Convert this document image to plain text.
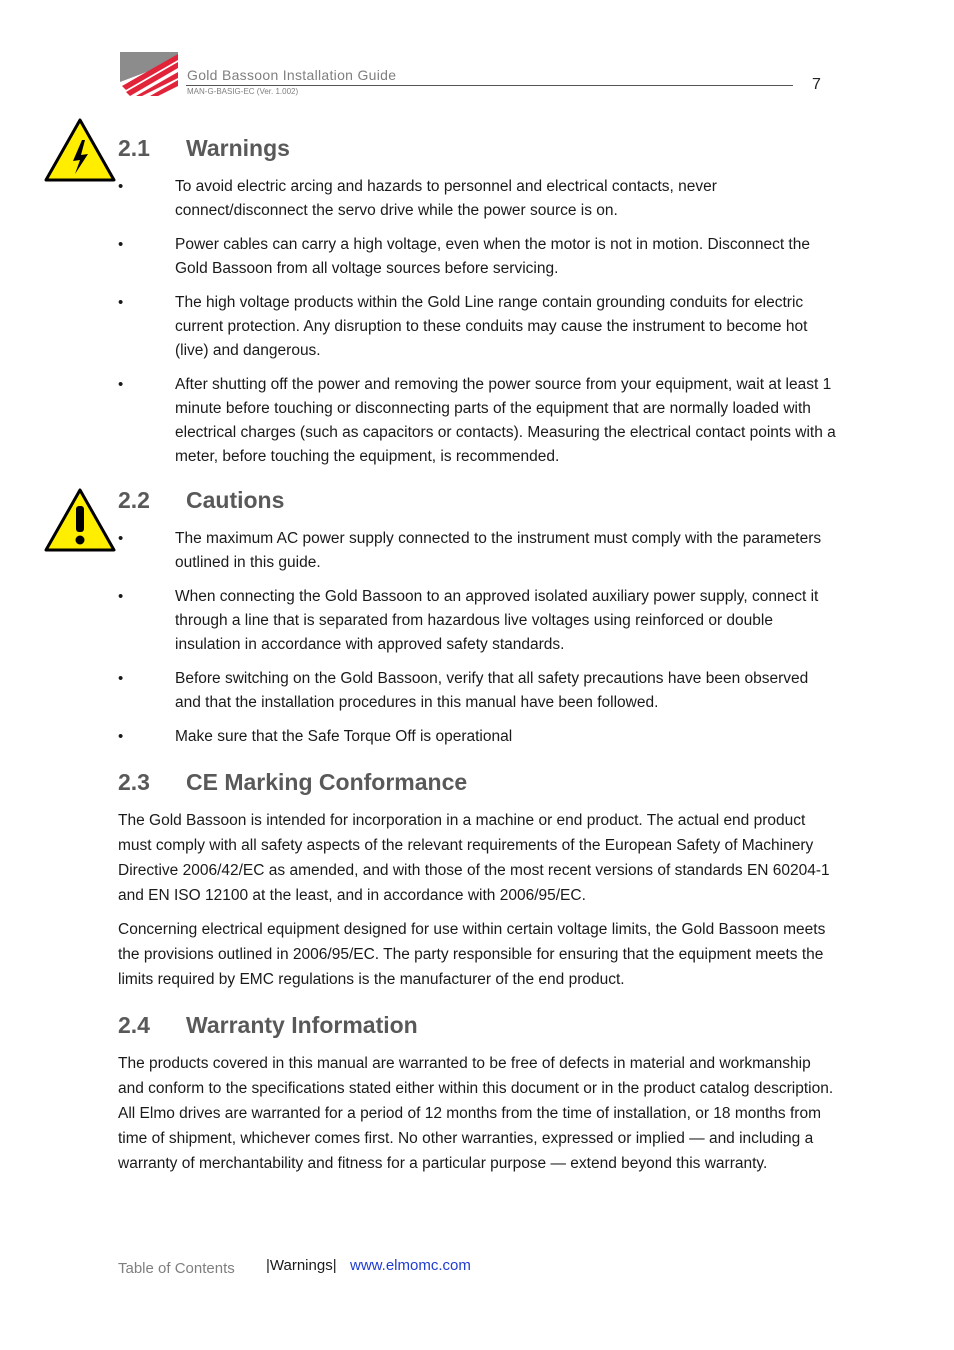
Gold Bassoon Installation Guide
MAN-G-BASIG-EC (Ver. 1.002)	7
2.1 Warnings
•	To avoid electric arcing and hazards to personnel and electrical contacts, never connect/disconnect the servo drive while the power source is on.
•	Power cables can carry a high voltage, even when the motor is not in motion. Disconnect the Gold Bassoon from all voltage sources before servicing.
•	The high voltage products within the Gold Line range contain grounding conduits for electric current protection. Any disruption to these conduits may cause the instrument to become hot (live) and dangerous.
•	After shutting off the power and removing the power source from your equipment, wait at least 1 minute before touching or disconnecting parts of the equipment that are normally loaded with electrical charges (such as capacitors or contacts). Measuring the electrical contact points with a meter, before touching the equipment, is recommended.
2.2 Cautions
•	The maximum AC power supply connected to the instrument must comply with the parameters outlined in this guide.
•	When connecting the Gold Bassoon to an approved isolated auxiliary power supply, connect it through a line that is separated from hazardous live voltages using reinforced or double insulation in accordance with approved safety standards.
•	Before switching on the Gold Bassoon, verify that all safety precautions have been observed and that the installation procedures in this manual have been followed.
•	Make sure that the Safe Torque Off is operational
2.3 CE Marking Conformance

The Gold Bassoon is intended for incorporation in a machine or end product. The actual end product must comply with all safety aspects of the relevant requirements of the European Safety of Machinery Directive 2006/42/EC as amended, and with those of the most recent versions of standards EN 60204-1 and EN ISO 12100 at the least, and in accordance with 2006/95/EC.

Concerning electrical equipment designed for use within certain voltage limits, the Gold Bassoon meets the provisions outlined in 2006/95/EC. The party responsible for ensuring that the equipment meets the limits required by EMC regulations is the manufacturer of the end product.

2.4 Warranty Information

The products covered in this manual are warranted to be free of defects in material and workmanship and conform to the specifications stated either within this document or in the product catalog description. All Elmo drives are warranted for a period of 12 months from the time of installation, or 18 months from time of shipment, whichever comes first. No other warranties, expressed or implied — and including a warranty of merchantability and fitness for a particular purpose — extend beyond this warranty.

Table of Contents |Warnings| www.elmomc.com
